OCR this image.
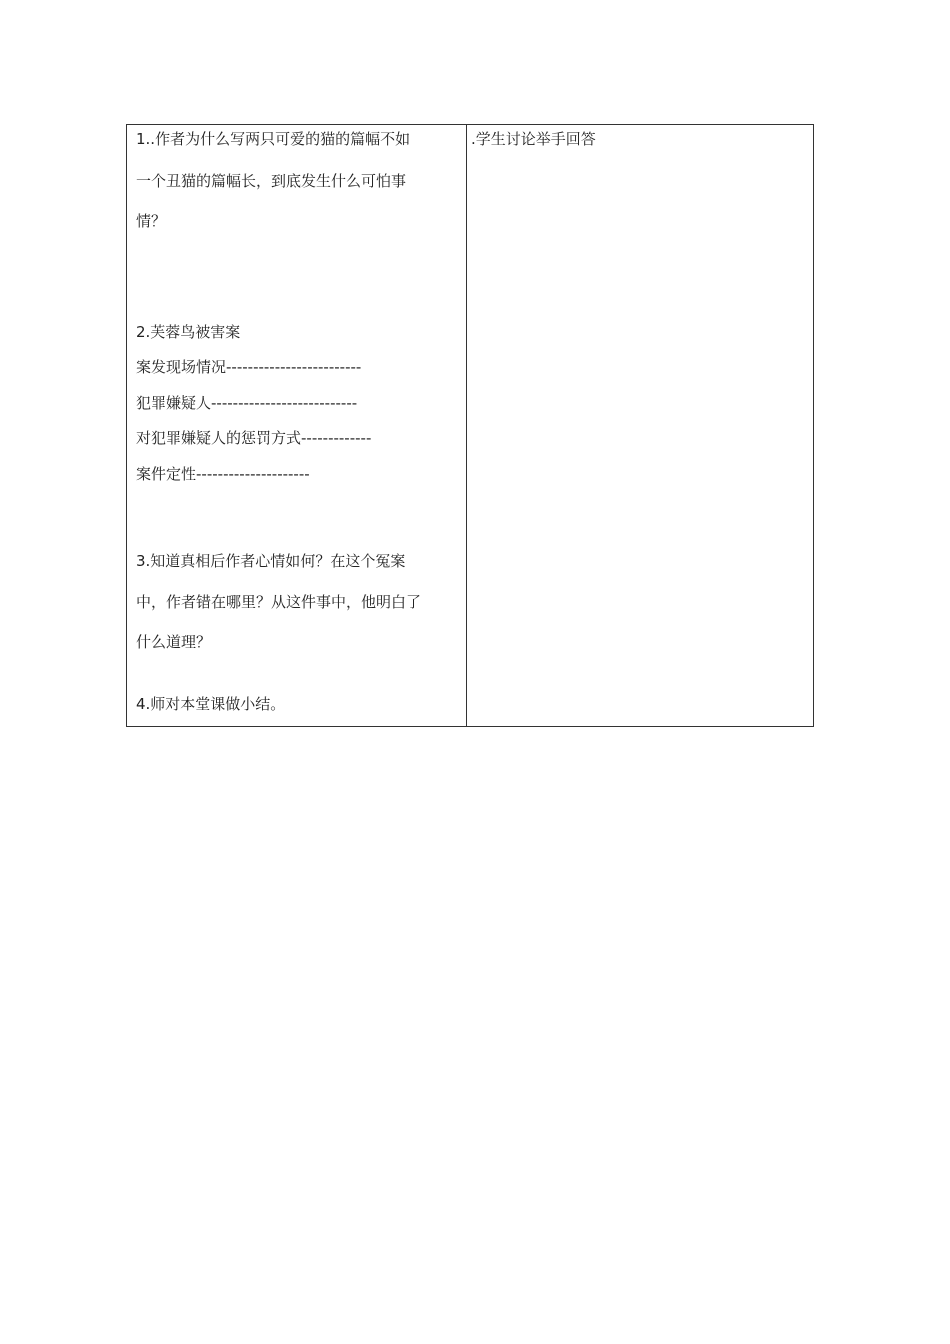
1..作者为什么写两只可爱的猫的篇幅不如
一个丑猫的篇幅长，到底发生什么可怕事
情？
2.芙蓉鸟被害案
案发现场情况-------------------------
犯罪嫌疑人---------------------------
对犯罪嫌疑人的惩罚方式-------------
案件定性---------------------
3.知道真相后作者心情如何？在这个冤案
中，作者错在哪里？从这件事中，他明白了
什么道理？
4.师对本堂课做小结。
.学生讨论举手回答
